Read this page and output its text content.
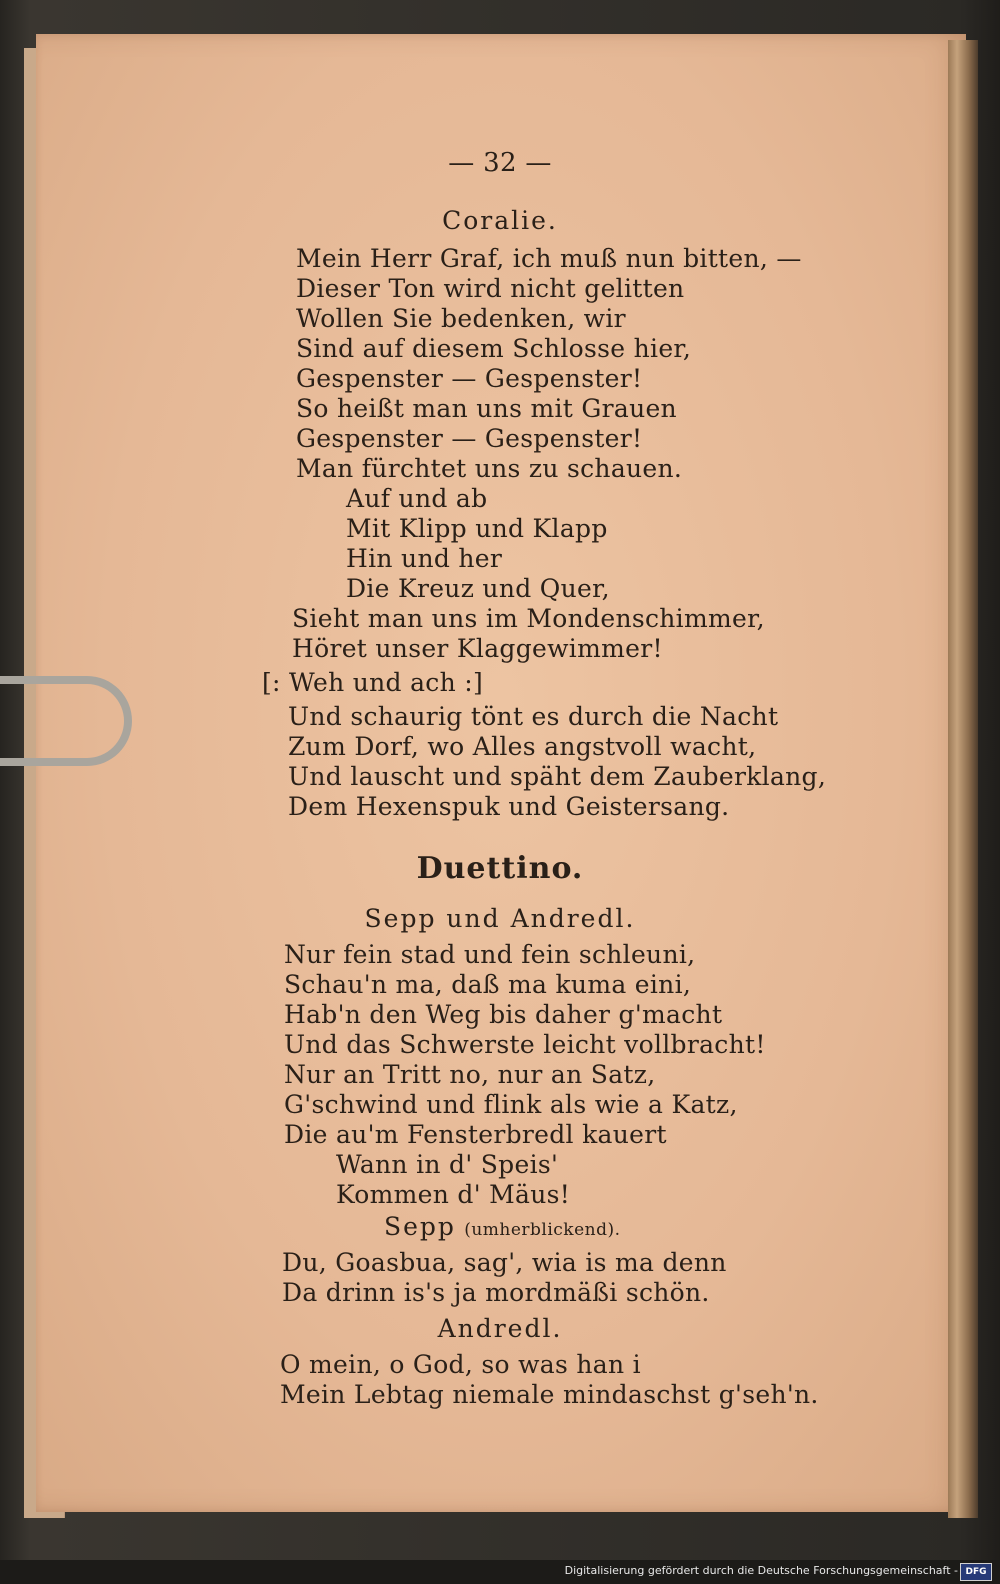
— 32 —
Coralie.
Mein Herr Graf, ich muß nun bitten, —
Dieser Ton wird nicht gelitten
Wollen Sie bedenken, wir
Sind auf diesem Schlosse hier,
Gespenster — Gespenster!
So heißt man uns mit Grauen
Gespenster — Gespenster!
Man fürchtet uns zu schauen.
Auf und ab
Mit Klipp und Klapp
Hin und her
Die Kreuz und Quer,
Sieht man uns im Mondenschimmer,
Höret unser Klaggewimmer!
[: Weh und ach :]
Und schaurig tönt es durch die Nacht
Zum Dorf, wo Alles angstvoll wacht,
Und lauscht und späht dem Zauberklang,
Dem Hexenspuk und Geistersang.
Duettino.
Sepp und Andredl.
Nur fein stad und fein schleuni,
Schau'n ma, daß ma kuma eini,
Hab'n den Weg bis daher g'macht
Und das Schwerste leicht vollbracht!
Nur an Tritt no, nur an Satz,
G'schwind und flink als wie a Katz,
Die au'm Fensterbredl kauert
Wann in d' Speis'
Kommen d' Mäus!
Sepp (umherblickend).
Du, Goasbua, sag', wia is ma denn
Da drinn is's ja mordmäßi schön.
Andredl.
O mein, o God, so was han i
Mein Lebtag niemale mindaschst g'seh'n.
Digitalisierung gefördert durch die Deutsche Forschungsgemeinschaft - DFG
